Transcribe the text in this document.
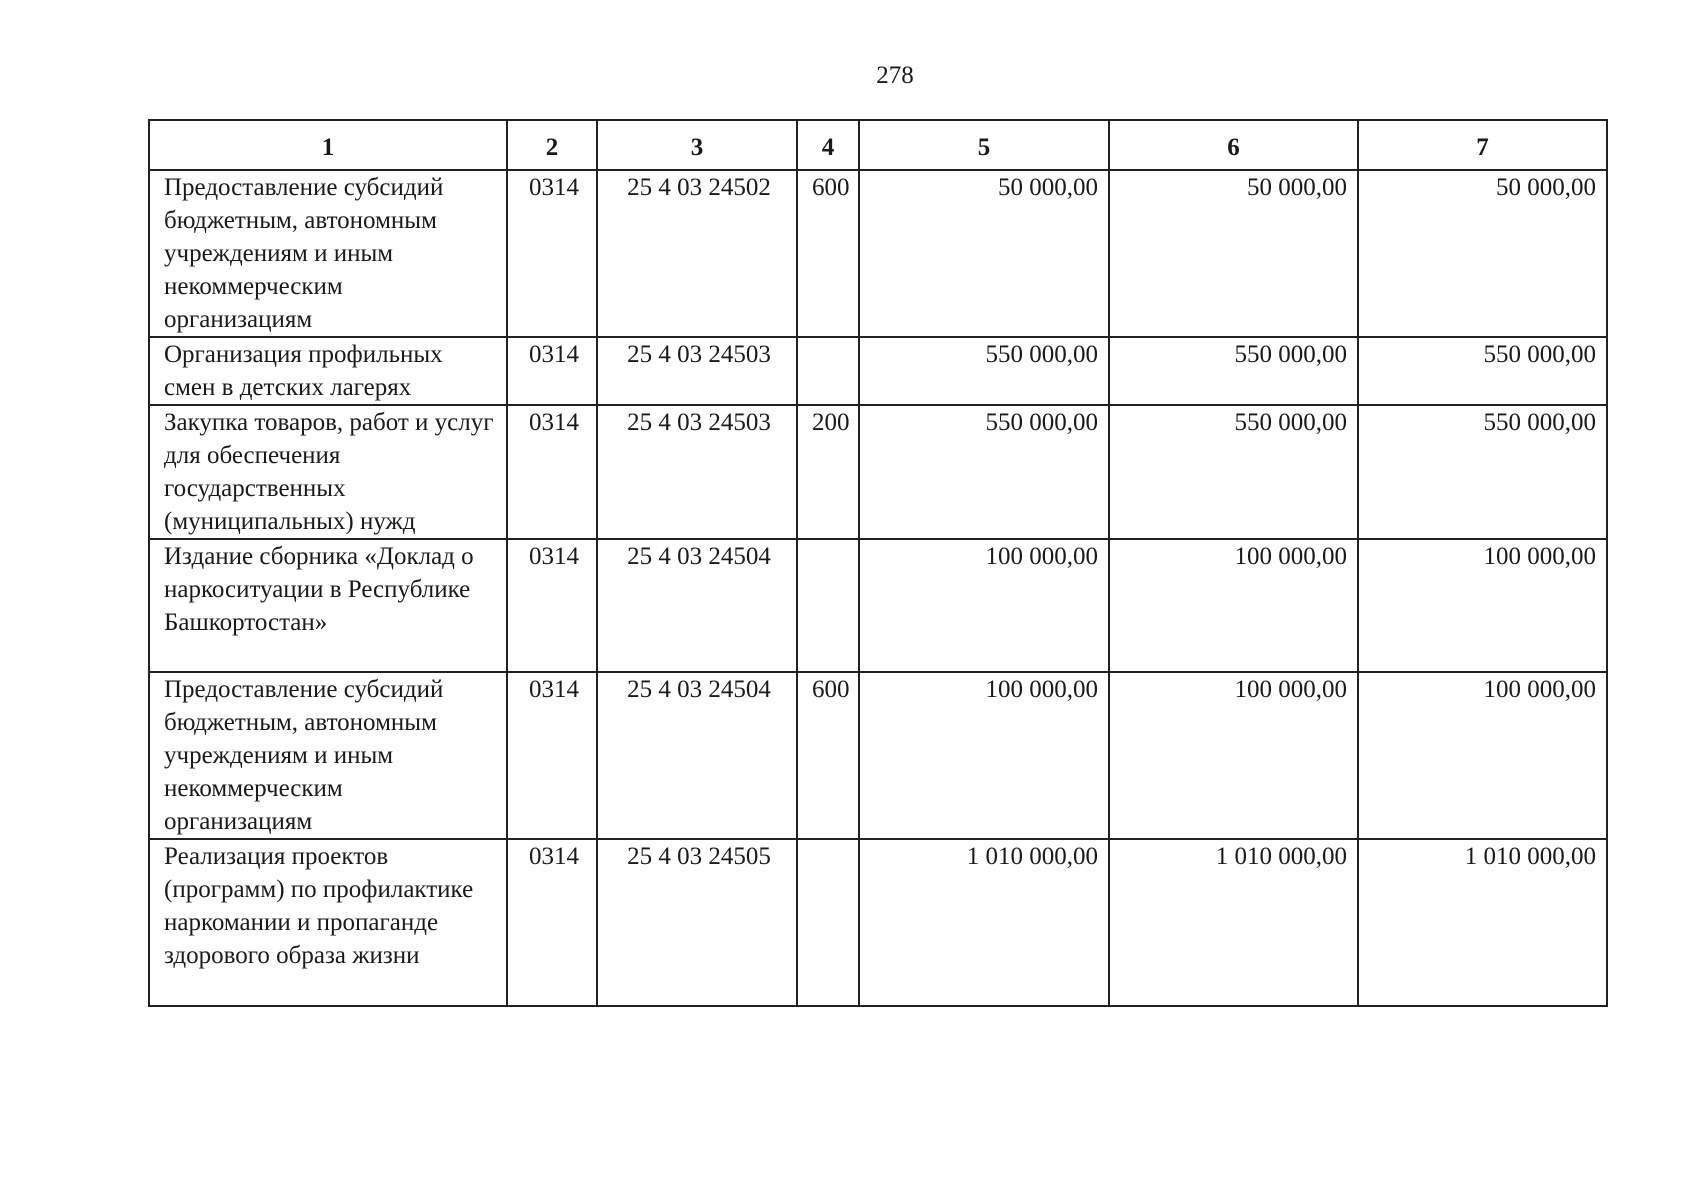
278
1	2	3	4	5	6	7
Предоставление субсидий бюджетным, автономным учреждениям и иным некоммерческим организациям	0314	25 4 03 24502	600	50 000,00	50 000,00	50 000,00
Организация профильных смен в детских лагерях	0314	25 4 03 24503		550 000,00	550 000,00	550 000,00
Закупка товаров, работ и услуг для обеспечения государственных (муниципальных) нужд	0314	25 4 03 24503	200	550 000,00	550 000,00	550 000,00
Издание сборника «Доклад о наркоситуации в Республике Башкортостан»	0314	25 4 03 24504		100 000,00	100 000,00	100 000,00
Предоставление субсидий бюджетным, автономным учреждениям и иным некоммерческим организациям	0314	25 4 03 24504	600	100 000,00	100 000,00	100 000,00
Реализация проектов (программ) по профилактике наркомании и пропаганде здорового образа жизни	0314	25 4 03 24505		1 010 000,00	1 010 000,00	1 010 000,00
